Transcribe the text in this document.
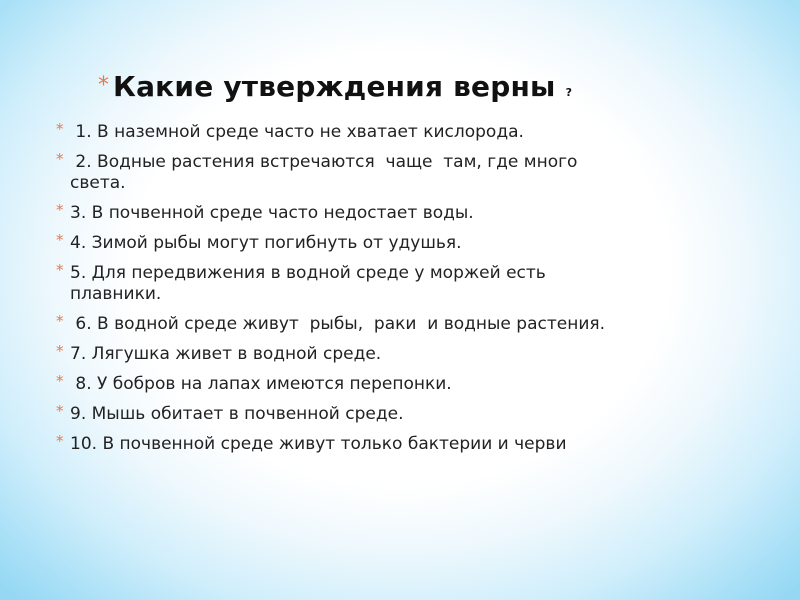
* Какие утверждения верны ?
* 1. В наземной среде часто не хватает кислорода.
* 2. Водные растения встречаются  чаще  там, где много света.
* 3. В почвенной среде часто недостает воды.
* 4. Зимой рыбы могут погибнуть от удушья.
* 5. Для передвижения в водной среде у моржей есть плавники.
* 6. В водной среде живут  рыбы,  раки  и водные растения.
* 7. Лягушка живет в водной среде.
* 8. У бобров на лапах имеются перепонки.
* 9. Мышь обитает в почвенной среде.
* 10. В почвенной среде живут только бактерии и черви
